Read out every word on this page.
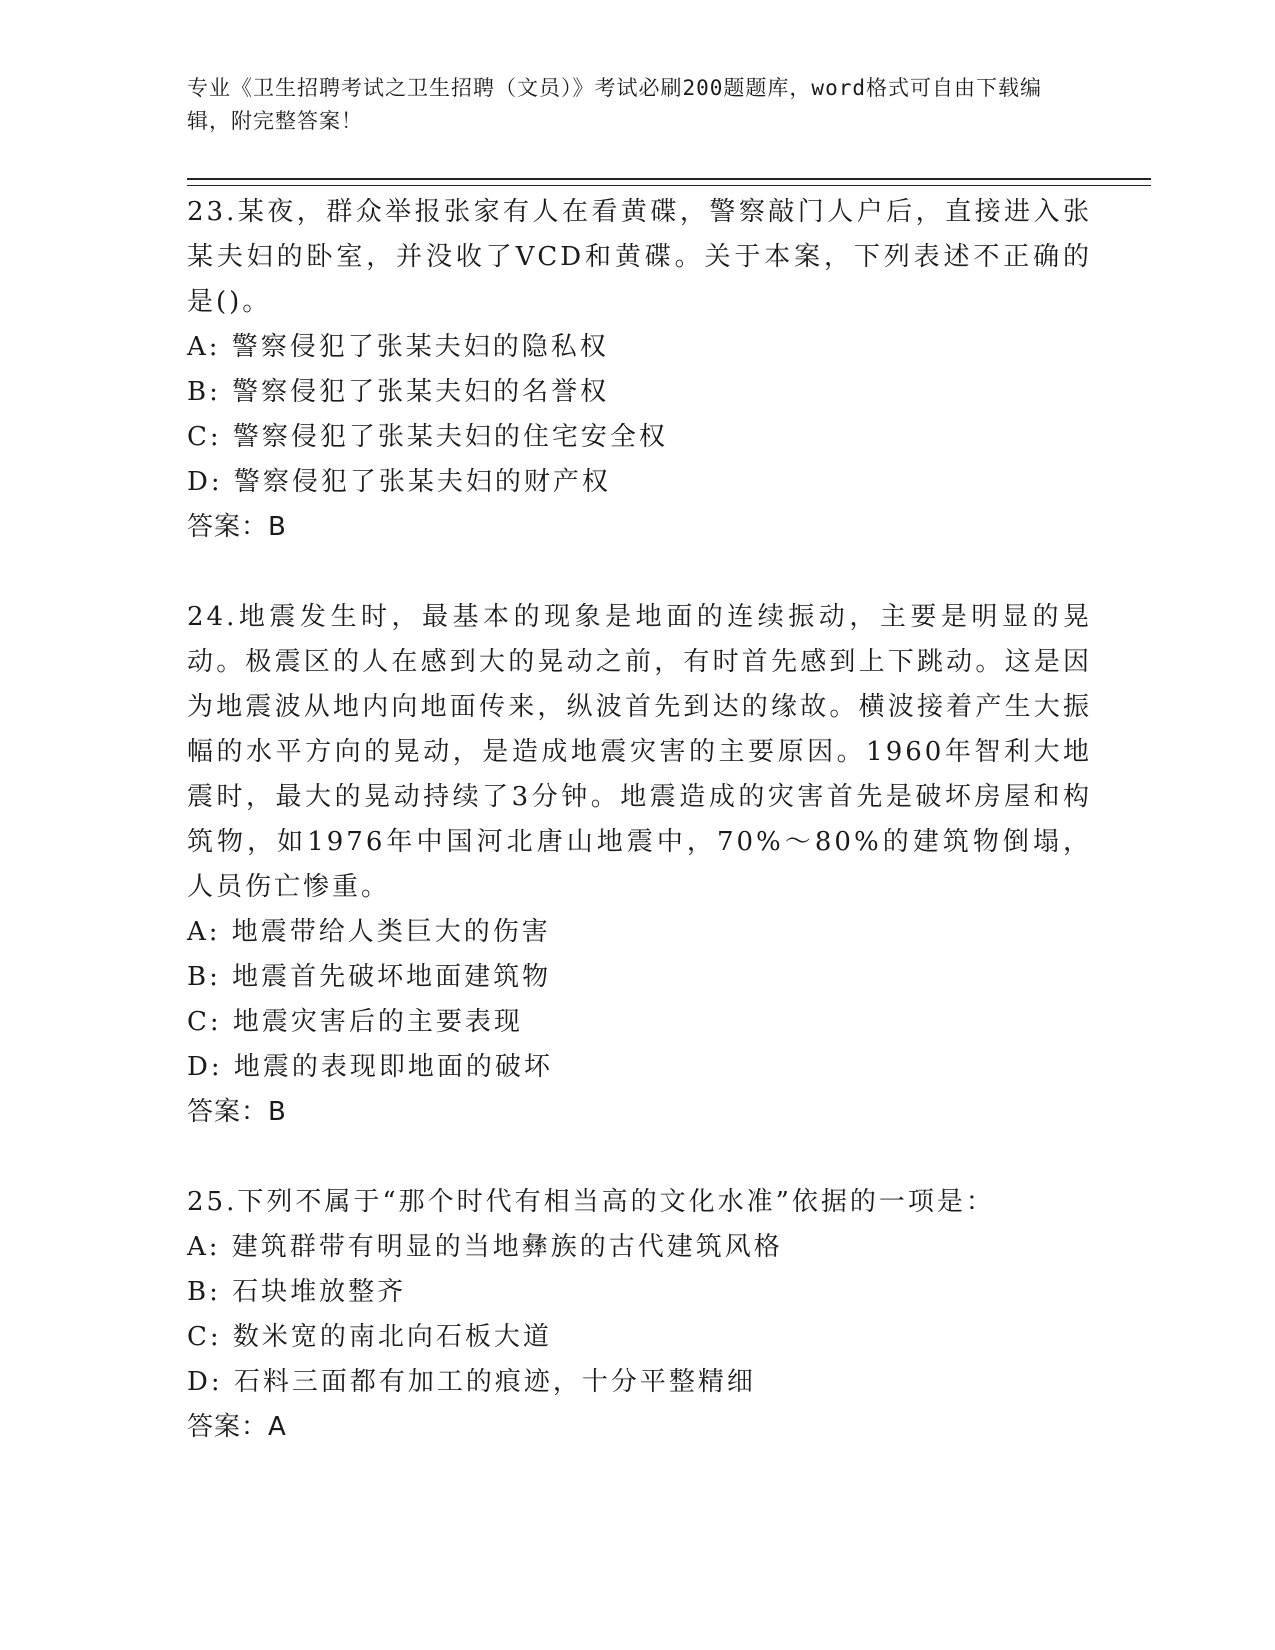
专业《卫生招聘考试之卫生招聘（文员）》考试必刷200题题库，word格式可自由下载编辑，附完整答案！

23.某夜，群众举报张家有人在看黄碟，警察敲门人户后，直接进入张某夫妇的卧室，并没收了VCD和黄碟。关于本案，下列表述不正确的是()。

A: 警察侵犯了张某夫妇的隐私权

B: 警察侵犯了张某夫妇的名誉权

C: 警察侵犯了张某夫妇的住宅安全权

D: 警察侵犯了张某夫妇的财产权

答案：B

24.地震发生时，最基本的现象是地面的连续振动，主要是明显的晃动。极震区的人在感到大的晃动之前，有时首先感到上下跳动。这是因为地震波从地内向地面传来，纵波首先到达的缘故。横波接着产生大振幅的水平方向的晃动，是造成地震灾害的主要原因。1960年智利大地震时，最大的晃动持续了3分钟。地震造成的灾害首先是破坏房屋和构筑物，如1976年中国河北唐山地震中，70%～80%的建筑物倒塌，人员伤亡惨重。

A: 地震带给人类巨大的伤害

B: 地震首先破坏地面建筑物

C: 地震灾害后的主要表现

D: 地震的表现即地面的破坏

答案：B

25.下列不属于“那个时代有相当高的文化水准”依据的一项是：

A: 建筑群带有明显的当地彝族的古代建筑风格

B: 石块堆放整齐

C: 数米宽的南北向石板大道

D: 石料三面都有加工的痕迹，十分平整精细

答案：A
